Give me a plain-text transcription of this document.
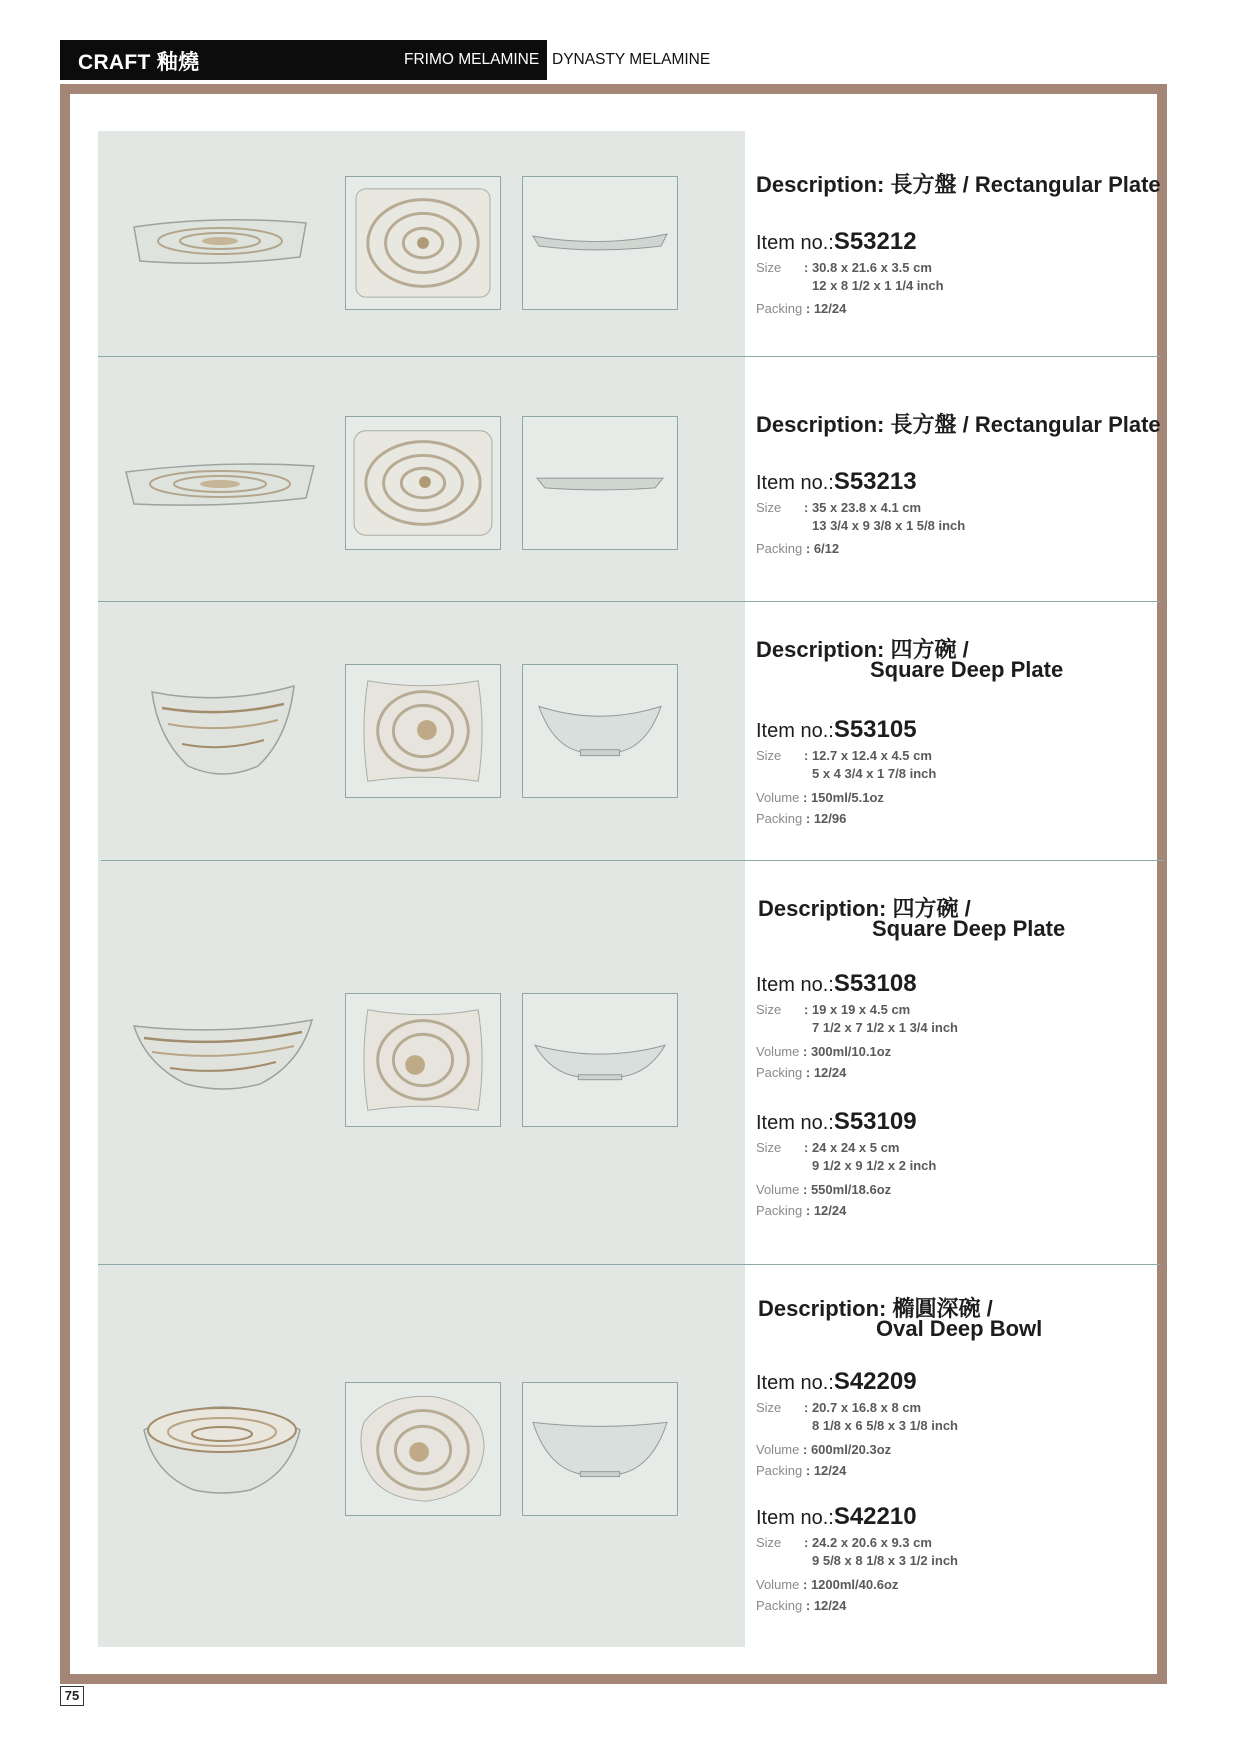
CRAFT 釉燒	FRIMO MELAMINE DYNASTY MELAMINE
Description: 長方盤 / Rectangular Plate
Item no.:S53212
Size : 30.8 x 21.6 x 3.5 cm
12 x 8 1/2 x 1 1/4 inch
Packing : 12/24
Description: 長方盤 / Rectangular Plate
Item no.:S53213
Size : 35 x 23.8 x 4.1 cm
13 3/4 x 9 3/8 x 1 5/8 inch
Packing : 6/12
Description: 四方碗 /
Square Deep Plate
Item no.:S53105
Size : 12.7 x 12.4 x 4.5 cm
5 x 4 3/4 x 1 7/8 inch
Volume : 150ml/5.1oz
Packing : 12/96
Description: 四方碗 /
Square Deep Plate
Item no.:S53108
Size : 19 x 19 x 4.5 cm
7 1/2 x 7 1/2 x 1 3/4 inch
Volume : 300ml/10.1oz
Packing : 12/24
Item no.:S53109
Size : 24 x 24 x 5 cm
9 1/2 x 9 1/2 x 2 inch
Volume : 550ml/18.6oz
Packing : 12/24
Description: 橢圓深碗 /
Oval Deep Bowl
Item no.:S42209
Size : 20.7 x 16.8 x 8 cm
8 1/8 x 6 5/8 x 3 1/8 inch
Volume : 600ml/20.3oz
Packing : 12/24
Item no.:S42210
Size : 24.2 x 20.6 x 9.3 cm
9 5/8 x 8 1/8 x 3 1/2 inch
Volume : 1200ml/40.6oz
Packing : 12/24
75
